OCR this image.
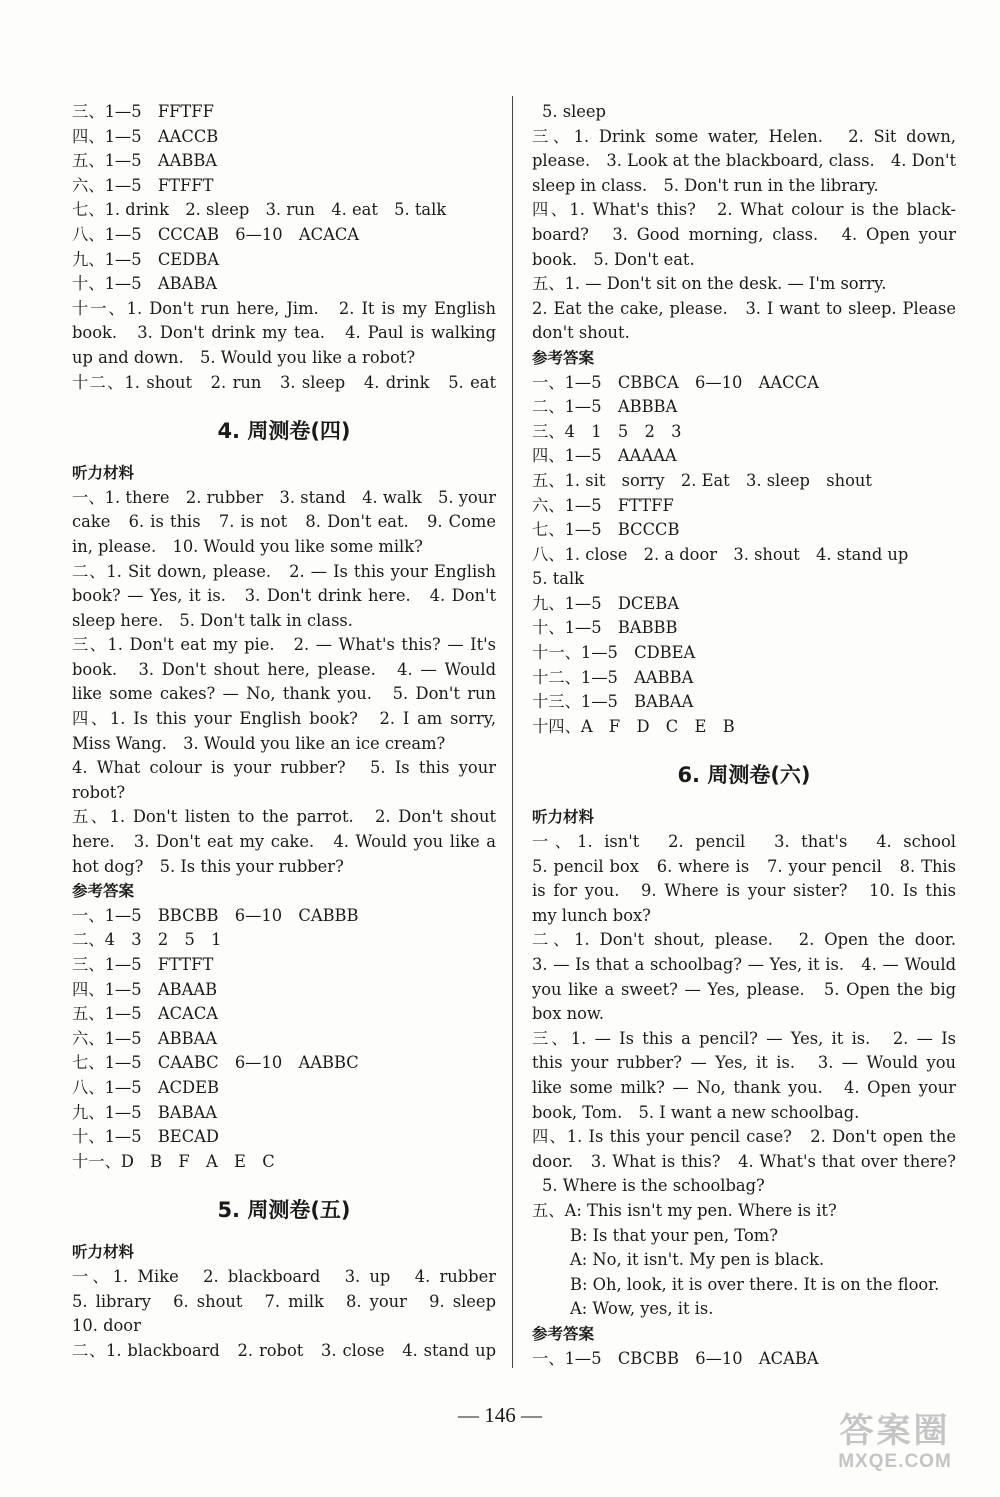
三、1—5　FFTFF
四、1—5　AACCB
五、1—5　AABBA
六、1—5　FTFFT
七、1. drink　2. sleep　3. run　4. eat　5. talk
八、1—5　CCCAB　6—10　ACACA
九、1—5　CEDBA
十、1—5　ABABA
十一、1. Don't run here, Jim.　2. It is my English
book.　3. Don't drink my tea.　4. Paul is walking
up and down.　5. Would you like a robot?
十二、1. shout　2. run　3. sleep　4. drink　5. eat
4. 周测卷(四)
听力材料
一、1. there　2. rubber　3. stand　4. walk　5. your
cake　6. is this　7. is not　8. Don't eat.　9. Come
in, please.　10. Would you like some milk?
二、1. Sit down, please.　2. — Is this your English
book? — Yes, it is.　3. Don't drink here.　4. Don't
sleep here.　5. Don't talk in class.
三、1. Don't eat my pie.　2. — What's this? — It's
book.　3. Don't shout here, please.　4. — Would
like some cakes? — No, thank you.　5. Don't run
四、1. Is this your English book?　2. I am sorry,
Miss Wang.　3. Would you like an ice cream?
4. What colour is your rubber?　5. Is this your
robot?
五、1. Don't listen to the parrot.　2. Don't shout
here.　3. Don't eat my cake.　4. Would you like a
hot dog?　5. Is this your rubber?
参考答案
一、1—5　BBCBB　6—10　CABBB
二、4　3　2　5　1
三、1—5　FTTFT
四、1—5　ABAAB
五、1—5　ACACA
六、1—5　ABBAA
七、1—5　CAABC　6—10　AABBC
八、1—5　ACDEB
九、1—5　BABAA
十、1—5　BECAD
十一、D　B　F　A　E　C
5. 周测卷(五)
听力材料
一、1. Mike　2. blackboard　3. up　4. rubber
5. library　6. shout　7. milk　8. your　9. sleep
10. door
二、1. blackboard　2. robot　3. close　4. stand up
5. sleep
三、1. Drink some water, Helen.　2. Sit down,
please.　3. Look at the blackboard, class.　4. Don't
sleep in class.　5. Don't run in the library.
四、1. What's this?　2. What colour is the black-
board?　3. Good morning, class.　4. Open your
book.　5. Don't eat.
五、1. — Don't sit on the desk. — I'm sorry.
2. Eat the cake, please.　3. I want to sleep. Please
don't shout.
参考答案
一、1—5　CBBCA　6—10　AACCA
二、1—5　ABBBA
三、4　1　5　2　3
四、1—5　AAAAA
五、1. sit　sorry　2. Eat　3. sleep　shout
六、1—5　FTTFF
七、1—5　BCCCB
八、1. close　2. a door　3. shout　4. stand up
5. talk
九、1—5　DCEBA
十、1—5　BABBB
十一、1—5　CDBEA
十二、1—5　AABBA
十三、1—5　BABAA
十四、A　F　D　C　E　B
6. 周测卷(六)
听力材料
一、1. isn't　2. pencil　3. that's　4. school
5. pencil box　6. where is　7. your pencil　8. This
is for you.　9. Where is your sister?　10. Is this
my lunch box?
二、1. Don't shout, please.　2. Open the door.
3. — Is that a schoolbag? — Yes, it is.　4. — Would
you like a sweet? — Yes, please.　5. Open the big
box now.
三、1. — Is this a pencil? — Yes, it is.　2. — Is
this your rubber? — Yes, it is.　3. — Would you
like some milk? — No, thank you.　4. Open your
book, Tom.　5. I want a new schoolbag.
四、1. Is this your pencil case?　2. Don't open the
door.　3. What is this?　4. What's that over there?
5. Where is the schoolbag?
五、A: This isn't my pen. Where is it?
B: Is that your pen, Tom?
A: No, it isn't. My pen is black.
B: Oh, look, it is over there. It is on the floor.
A: Wow, yes, it is.
参考答案
一、1—5　CBCBB　6—10　ACABA
— 146 —	答案圈
MXQE.COM
